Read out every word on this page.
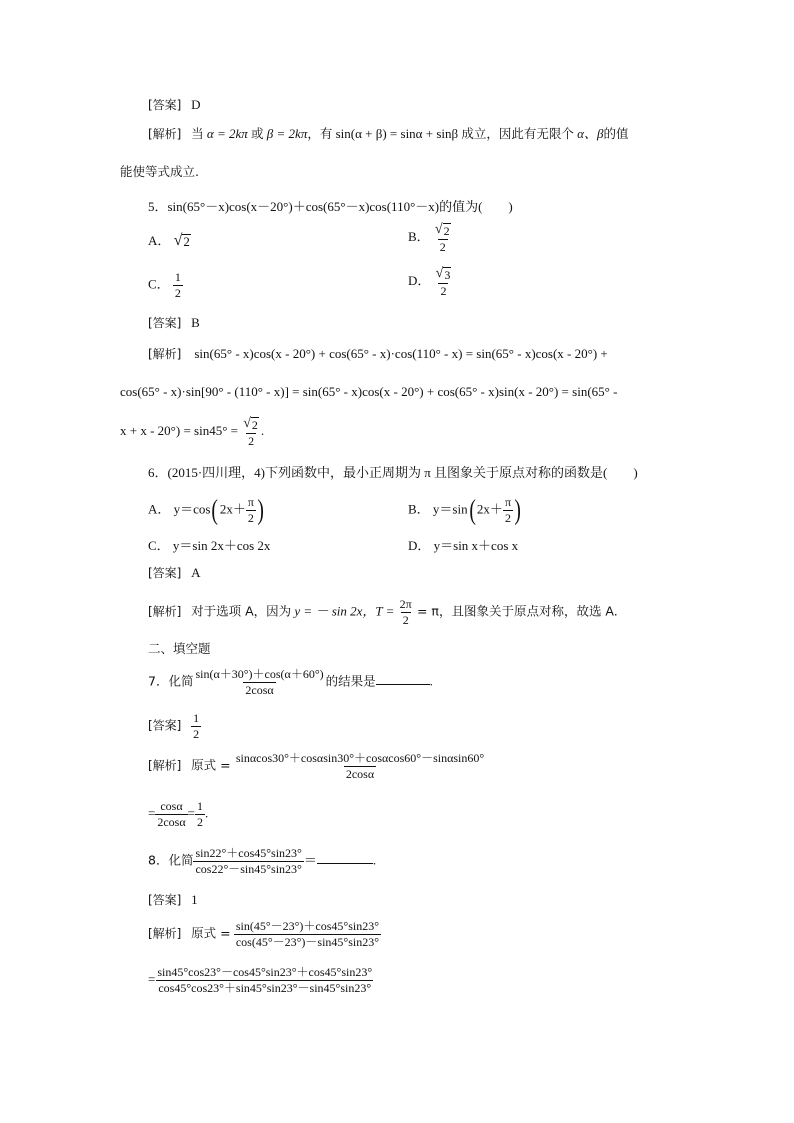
[答案] D
[解析] 当 α = 2kπ 或 β = 2kπ，有 sin(α + β) = sinα + sinβ 成立，因此有无限个 α、β的值
能使等式成立.
5．sin(65°－x)cos(x－20°)＋cos(65°－x)cos(110°－x)的值为(　　)
A． √ 2	B． $\frac{√ 2}{2}$
C． $\frac{1}{2}$	D． $\frac{√ 3}{2}$
[答案] B
[解析] sin(65° - x)cos(x - 20°) + cos(65° - x)·cos(110° - x) = sin(65° - x)cos(x - 20°) +
cos(65° - x)·sin[90° - (110° - x)] = sin(65° - x)cos(x - 20°) + cos(65° - x)sin(x - 20°) = sin(65° -
$x + x - 20^\circ) = \sin 45^\circ = \frac{√ 2}{2}$ .
6．(2015·四川理，4)下列函数中，最小正周期为 π 且图象关于原点对称的函数是(　　)
A． $y=\cos(2x+ \frac{\pi}{2}$ )	B． $y=\sin(2x+ \frac{\pi}{2}$ )
C． y＝sin 2x＋cos 2x	D． y＝sin x＋cos x
[答案] A
[解析] 对于选项 A，因为 y = － sin 2x，$T = \frac{2\pi}{2} = \pi$，且图象关于原点对称，故选 A.
二、填空题
7．化简 $\frac{\sin(\alpha+30^\circ)+\cos(\alpha+60^\circ)}{2\cos\alpha}$ 的结果是	.
[答案] $\frac{1}{2}$
[解析] 原式 = $\frac{\sin\alpha\cos 30^\circ+\cos\alpha\sin 30^\circ+\cos\alpha\cos 60^\circ-\sin\alpha\sin 60^\circ}{2\cos\alpha}$
= $\frac{\cos\alpha}{2\cos\alpha} = \frac{1}{2}$ .
8．化简 $\frac{\sin 22^\circ+\cos 45^\circ\sin 23^\circ}{\cos 22^\circ-\sin 45^\circ\sin 23^\circ}$ ＝	.
[答案] 1
[解析] 原式 = $\frac{\sin(45^\circ-23^\circ)+\cos 45^\circ\sin 23^\circ}{\cos(45^\circ-23^\circ)-\sin 45^\circ\sin 23^\circ}$
= $\frac{\sin 45^\circ\cos 23^\circ-\cos 45^\circ\sin 23^\circ+\cos 45^\circ\sin 23^\circ}{\cos 45^\circ\cos 23^\circ+\sin 45^\circ\sin 23^\circ-\sin 45^\circ\sin 23^\circ}$
